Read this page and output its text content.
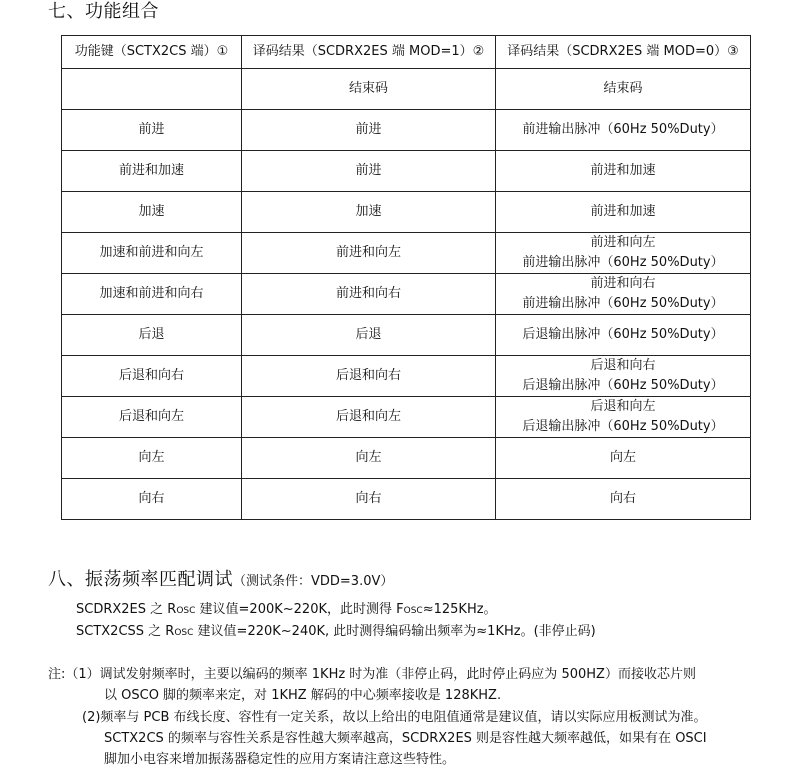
七、功能组合
功能键（SCTX2CS 端）①	译码结果（SCDRX2ES 端 MOD=1）②	译码结果（SCDRX2ES 端 MOD=0）③
	结束码	结束码

前进	前进	前进输出脉冲（60Hz 50%Duty）

前进和加速	前进	前进和加速

加速	加速	前进和加速

加速和前进和向左	前进和向左	前进和向左
前进输出脉冲（60Hz 50%Duty）

加速和前进和向右	前进和向右	前进和向右
前进输出脉冲（60Hz 50%Duty）

后退	后退	后退输出脉冲（60Hz 50%Duty）

后退和向右	后退和向右	后退和向右
后退输出脉冲（60Hz 50%Duty）

后退和向左	后退和向左	后退和向左
后退输出脉冲（60Hz 50%Duty）

向左	向左	向左

向右	向右	向右
八、振荡频率匹配调试（测试条件：VDD=3.0V）
SCDRX2ES 之 ROSC 建议值=200K~220K，此时测得 FOSC≈125KHz。
SCTX2CSS 之 ROSC 建议值=220K~240K, 此时测得编码输出频率为≈1KHz。(非停止码)
注:（1）调试发射频率时，主要以编码的频率 1KHz 时为准（非停止码，此时停止码应为 500HZ）而接收芯片则
以 OSCO 脚的频率来定，对 1KHZ 解码的中心频率接收是 128KHZ.
(2)频率与 PCB 布线长度、容性有一定关系，故以上给出的电阻值通常是建议值，请以实际应用板测试为准。
SCTX2CS 的频率与容性关系是容性越大频率越高，SCDRX2ES 则是容性越大频率越低，如果有在 OSCI
脚加小电容来增加振荡器稳定性的应用方案请注意这些特性。
